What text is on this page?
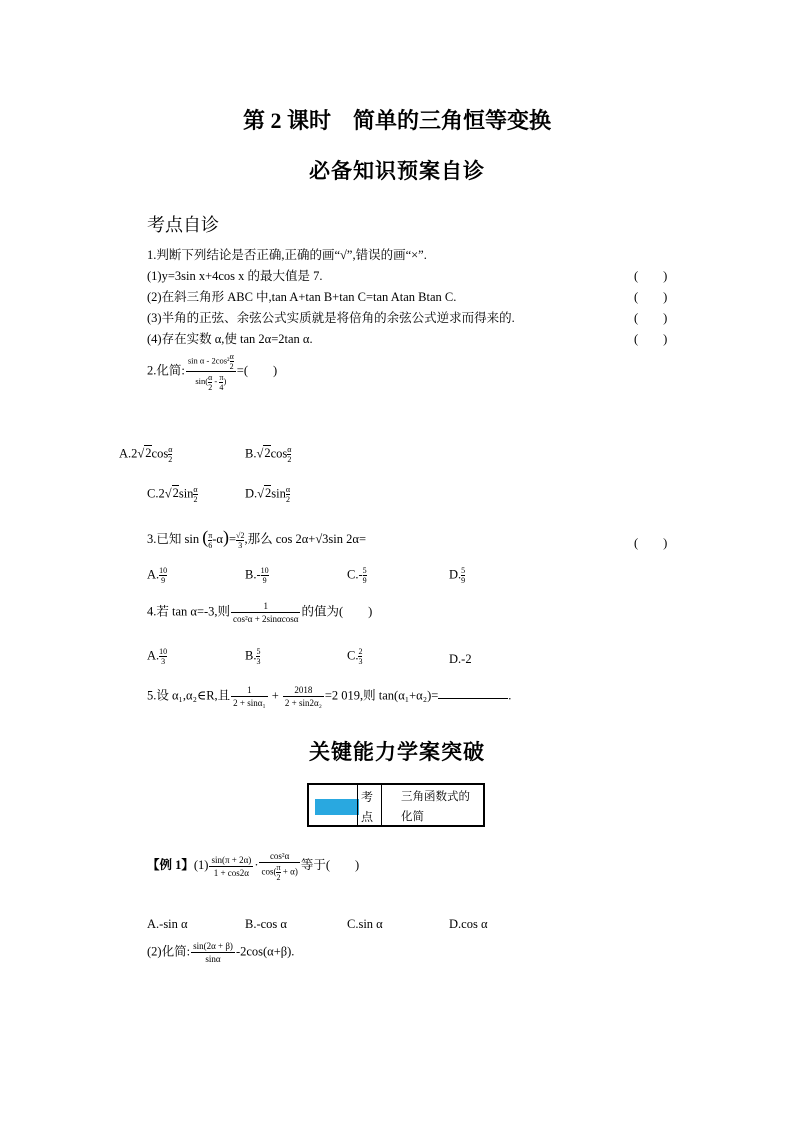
第 2 课时　简单的三角恒等变换
必备知识预案自诊
考点自诊
1.判断下列结论是否正确,正确的画“√”,错误的画“×”.
(1)y=3sin x+4cos x 的最大值是 7.	(　　)
(2)在斜三角形 ABC 中,tan A+tan B+tan C=tan Atan Btan C.	(　　)
(3)半角的正弦、余弦公式实质就是将倍角的余弦公式逆求而得来的.	(　　)
(4)存在实数 α,使 tan 2α=2tan α.	(　　)
2.化简: $\frac{\sin \alpha - 2\cos^2 \frac{\alpha}{2}}{\sin( \frac{\alpha}{2} - \frac{\pi}{4} )}$ =(　　)
$A.2√2\cos \frac{\alpha}{2}$	$B.√2\cos \frac{\alpha}{2}$
$C.2√2\sin \frac{\alpha}{2}$	$D.√2\sin \frac{\alpha}{2}$
3.已知 sin ( $\frac{\pi}{6} -\alpha)= \frac{√2}{3}$ ,那么 cos 2α+√3sin 2α=	(　　)
A. $\frac{10}{9}$	$B.- \frac{10}{9}$	$C.- \frac{5}{9}$	D. $\frac{5}{9}$
4.若 tan α=-3,则 $\frac{1}{\text{cos²α + 2sinαcosα}}$ 的值为(　　)
A. $\frac{10}{3}$	B. $\frac{5}{3}$	C. $\frac{2}{3}$	D.-2
5.设 α₁,α₂∈R,且 $\frac{1}{\text{2 + sinα₁}} + \frac{2018}{\text{2 + sin2α₂}} =2$ 019,则 tan(α₁+α₂)=	.
关键能力学案突破
考点
三角函数式的化简
【例 1】$(1) \frac{\sin(\pi + 2\alpha)}{1 + \cos 2\alpha} \cdot \frac{\text{cos²α}}{\cos( \frac{\pi}{2} + \alpha)}$ 等于(　　)
A.-sin α	B.-cos α	C.sin α	D.cos α
(2)化简: $\frac{\sin(2\alpha + \beta)}{\sin\alpha} -2\cos(\alpha+\beta)$.
